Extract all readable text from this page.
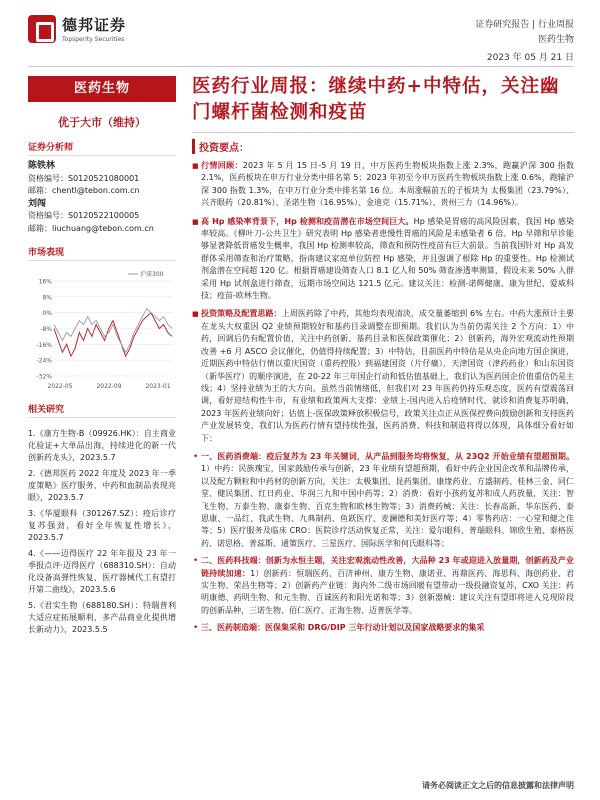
德邦证券
Topsperity Securities
证券研究报告 | 行业周报
医药生物
2023 年 05 月 21 日
医药生物
优于大市（维持）
证券分析师
陈铁林
资格编号：S0120521080001
邮箱：chentl@tebon.com.cn
刘闯
资格编号：S0120522100005
邮箱：liuchuang@tebon.com.cn
市场表现
16%
8%
0%
-8%
-16%
-24%
-32%
2022-05	2022-09	2023-01
沪深300
相关研究
1.《康方生物-B（09926.HK）：自主商业化验证+大单品出海，持续进化的新一代创新药龙头》，2023.5.7
2.《德邦医药 2022 年度及 2023 年一季度策略》医疗服务、中药和血制品表现亮眼》，2023.5.7
3.《华厦眼科（301267.SZ）：疫后诊疗复苏强劲，看好全年恢复性增长》，2023.5.7
4.《——迈得医疗 22 年年报及 23 年一季报点评·迈得医疗（688310.SH）：自动化设备高弹性恢复，医疗器械代工有望打开第二曲线》，2023.5.6
5.《君实生物（688180.SH）：特瑞普利大适应症拓展顺利，多产品商业化提供增长新动力》，2023.5.5
医药行业周报：继续中药+中特估，关注幽门螺杆菌检测和疫苗
投资要点：
■ 行情回顾：2023 年 5 月 15 日-5 月 19 日，中万医药生物板块指数上涨 2.3%，跑赢沪深 300 指数 2.1%，医药板块在申万行业分类中排名第 5；2023 年初至今申万医药生物板块指数上涨 0.6%，跑输沪深 300 指数 1.3%，在申万行业分类中排名第 16 位。本周涨幅前五的子板块为 太极集团（23.79%）、兴齐眼药（20.81%）、圣诺生物（16.95%）、金迪克（15.71%）、贵州三力（14.96%）。
■ 高 Hp 感染率背景下，Hp 检测和疫苗潜在市场空间巨大。Hp 感染是胃癌的高风险因素，我国 Hp 感染率较高。《柳叶刀-公共卫生》研究表明 Hp 感染者患慢性胃癌的风险是未感染者 6 倍。Hp 早筛和早诊能够显著降低胃癌发生概率，我国 Hp 检测率较高，筛查和预防性疫苗有巨大前景。当前我国针对 Hp 高发群体采用筛查和治疗策略，指南建议家庭单位防控 Hp 感染，并且强调了根除 Hp 的重要性。Hp 检测试剂盒潜在空间超 120 亿。根据胃癌建设筛查人口 8.1 亿人和 50% 筛查渗透率测算，假设未来 50% 人群采用 Hp 试剂盒进行筛查，远期市场空间达 121.5 亿元。建议关注：检测-诺辉健康、康为世纪、爱威科技；疫苗-欧林生物。
■ 投资策略及配置思路：上周医药除了中药，其他均表现清淡，成交量萎缩到 6% 左右。中药大涨预计主要在龙头大权重因 Q2 业绩预期较好和基药目录调整在即预期。我们认为当前仍需关注 2 个方向：1）中药，回调后仍有配置价值，关注中药创新、基药目录和医保政策催化；2）创新药，海外宏观流动性预期改善 +6 月 ASCO 会议催化，仍值得持续配置；3）中特估，目前医药中特估是从央企向地方国企演进，近期医药中特估行情以重庆国资（重药控股）到福建国资（片仔癀）、天津国资（津药药业）和山东国资（新华医疗）的顺序演进，在 20-22 年三年国企行动和低估值基础上，我们认为医药国企价值重估仍是主线；4）坚持业绩为王的大方向。虽然当前情绪低，但我们对 23 年医药仍持乐观态度，医药有望震荡回调，看好迎结构性牛市，有业绩和政策两大支撑：业绩上-国内进入后疫情时代，就诊和消费复苏明确，2023 年医药业绩向好；估值上-医保政策释放积极信号，政策关注点正从医保控费向鼓励创新和支持医药产业发展转变，我们认为医药行情有望持续性强，医药消费、科技和制造将得以体现，具体细分看好如下：
• 一、医药消费端：疫后复苏为 23 年关键词，从产品到服务均将恢复，从 23Q2 开始业绩有望超预期。1）中药：民族瑰宝，国家鼓励传承与创新，23 年业绩有望超预期，看好中药企业国企改革和品牌传承，以及配方颗粒和中药材的创新方向，关注：太极集团、昆药集团、康缘药业、方盛制药、桂林三金、同仁堂、健民集团、红日药业、华润三九和中国中药等；2）消费：看好小孩药复苏和成人药放量，关注：智飞生物、万泰生物、康泰生物、百克生物和欧林生物等；3）消费药械：关注：长春高新、华东医药、泰恩康、一品红、我武生物、九典制药、鱼跃医疗、麦澜德和美好医疗等；4）零售药店：一心堂和健之佳等；5）医疗服务及临床 CRO：医院诊疗活动恢复正常，关注：爱尔眼科、普瑞眼科、锦欣生殖、泰格医药、诺思格、普蕊斯、通策医疗、三星医疗、国际医学和何氏眼科等；
• 二、医药科技端：创新为永恒主题，关注宏观流动性改善，大品种 23 年或迎进入放量期，创新药及产业链持续加速：1）创新药：恒瑞医药、百济神州、康方生物、康诺亚、再鼎医药、海思科、海创药业、君实生物、荣昌生物等；2）创新药产业链：海内外二级市场回暖有望带动一级投融资复苏，CXO 关注：药明康德、药明生物、和元生物、百诚医药和阳光诺和等；3）创新器械：建议关注有望即将进入兑现阶段的创新品种，三诺生物、佰仁医疗、正海生物、迈普医学等。
• 三、医药制造端：医保集采和 DRG/DIP 三年行动计划以及国家战略要求的集采
请务必阅读正文之后的信息披露和法律声明
